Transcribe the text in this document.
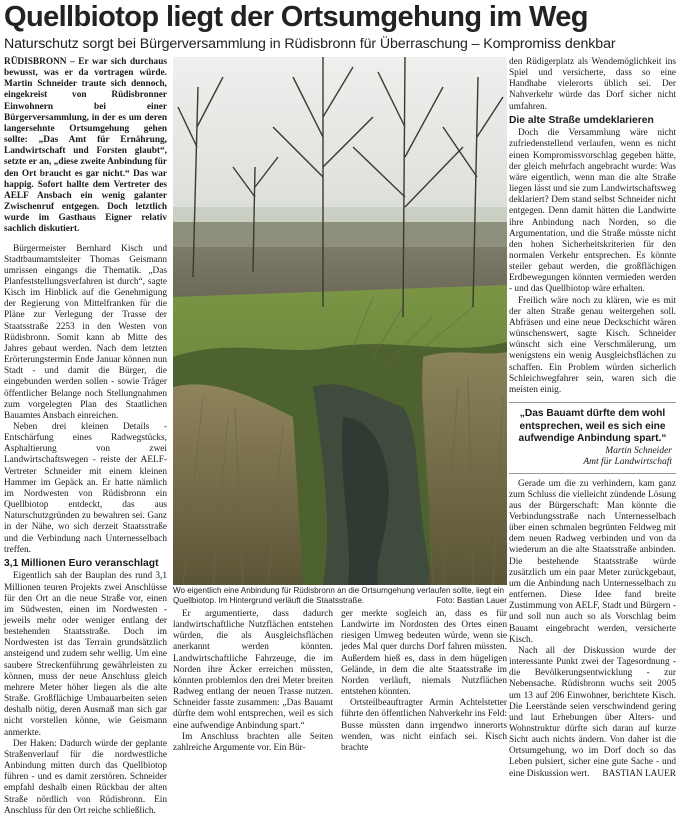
Quellbiotop liegt der Ortsumgehung im Weg
Naturschutz sorgt bei Bürgerversammlung in Rüdisbronn für Überraschung – Kompromiss denkbar

RÜDISBRONN – Er war sich durchaus bewusst, was er da vortragen würde. Martin Schneider traute sich dennoch, eingekreist von Rüdisbronner Einwohnern bei einer Bürgerversammlung, in der es um deren langersehnte Ortsumgehung gehen sollte: „Das Amt für Ernährung, Landwirtschaft und Forsten glaubt“, setzte er an, „diese zweite Anbindung für den Ort braucht es gar nicht.“ Das war happig. Sofort hallte dem Vertreter des AELF Ansbach ein wenig galanter Zwischenruf entgegen. Doch letztlich wurde im Gasthaus Eigner relativ sachlich diskutiert.

Bürgermeister Bernhard Kisch und Stadtbaumamtsleiter Thomas Geismann umrissen eingangs die Thematik. „Das Planfeststellungsverfahren ist durch“, sagte Kisch im Hinblick auf die Genehmigung der Regierung von Mittelfranken für die Pläne zur Verlegung der Trasse der Staatsstraße 2253 in den Westen von Rüdisbronn. Somit kann ab Mitte des Jahres gebaut werden. Nach dem letzten Erörterungstermin Ende Januar können nun Stadt - und damit die Bürger, die eingebunden werden sollen - sowie Träger öffentlicher Belange noch Stellungnahmen zum vorgelegten Plan des Staatlichen Bauamtes Ansbach einreichen.

Neben drei kleinen Details - Entschärfung eines Radwegstücks, Asphaltierung von zwei Landwirtschaftswegen - reiste der AELF-Vertreter Schneider mit einem kleinen Hammer im Gepäck an. Er hatte nämlich im Nordwesten von Rüdisbronn ein Quellbiotop entdeckt, das aus Naturschutzgründen zu bewahren sei. Ganz in der Nähe, wo sich derzeit Staatsstraße und die Verbindung nach Unternesselbach treffen.

3,1 Millionen Euro veranschlagt

Eigentlich sah der Bauplan des rund 3,1 Millionen teuren Projekts zwei Anschlüsse für den Ort an die neue Straße vor, einen im Südwesten, einen im Nordwesten - jeweils mehr oder weniger entlang der bestehenden Staatsstraße. Doch im Nordwesten ist das Terrain grundsätzlich ansteigend und zudem sehr wellig. Um eine saubere Streckenführung gewährleisten zu können, muss der neue Anschluss gleich mehrere Meter höher liegen als die alte Straße. Großflächige Umbauarbeiten seien deshalb nötig, deren Ausmaß man sich gar nicht vorstellen könne, wie Geismann anmerkte.

Der Haken: Dadurch würde der geplante Straßenverlauf für die nordwestliche Anbindung mitten durch das Quellbiotop führen - und es damit zerstören. Schneider empfahl deshalb einen Rückbau der alten Straße nördlich von Rüdisbronn. Ein Anschluss für den Ort reiche schließlich.

Wo eigentlich eine Anbindung für Rüdisbronn an die Ortsumgehung verlaufen sollte, liegt ein Quellbiotop. Im Hintergrund verläuft die Staatsstraße.	Foto: Bastian Lauer

Er argumentierte, dass dadurch landwirtschaftliche Nutzflächen entstehen würden, die als Ausgleichsflächen anerkannt werden könnten. Landwirtschaftliche Fahrzeuge, die im Norden ihre Äcker erreichen müssten, könnten problemlos den drei Meter breiten Radweg entlang der neuen Trasse nutzen. Schneider fasste zusammen: „Das Bauamt dürfte dem wohl entsprechen, weil es sich eine aufwendige Anbindung spart.“

Im Anschluss brachten alle Seiten zahlreiche Argumente vor. Ein Bür-

ger merkte sogleich an, dass es für Landwirte im Nordosten des Ortes einen riesigen Umweg bedeuten würde, wenn sie jedes Mal quer durchs Dorf fahren müssten. Außerdem hieß es, dass in dem hügeligen Gelände, in dem die alte Staatsstraße im Norden verläuft, niemals Nutzflächen entstehen könnten.

Ortsteilbeauftragter Armin Achtelstetter führte den öffentlichen Nahverkehr ins Feld: Busse müssten dann irrgendwo innerorts wenden, was nicht einfach sei. Kisch brachte

den Rüdigerplatz als Wendemöglichkeit ins Spiel und versicherte, dass so eine Handhabe vielerorts üblich sei. Der Nahverkehr würde das Dorf sicher nicht umfahren.

Die alte Straße umdeklarieren

Doch die Versammlung wäre nicht zufriedenstellend verlaufen, wenn es nicht einen Kompromissvorschlag gegeben hätte, der gleich mehrfach angebracht wurde: Was wäre eigentlich, wenn man die alte Straße liegen lässt und sie zum Landwirtschaftsweg deklariert? Dem stand selbst Schneider nicht entgegen. Denn damit hätten die Landwirte ihre Anbindung nach Norden, so die Argumentation, und die Straße müsste nicht den hohen Sicherheitskriterien für den normalen Verkehr entsprechen. Es könnte steiler gebaut werden, die großflächigen Erdbewegungen könnten vermieden werden - und das Quellbiotop wäre erhalten.

Freilich wäre noch zu klären, wie es mit der alten Straße genau weitergehen soll. Abfräsen und eine neue Deckschicht wären wünschenswert, sagte Kisch. Schneider wünscht sich eine Verschmälerung, um wenigstens ein wenig Ausgleichsflächen zu schaffen. Ein Problem würden sicherlich Schleichwegfahrer sein, waren sich die meisten einig.

„Das Bauamt dürfte dem wohl entsprechen, weil es sich eine aufwendige Anbindung spart.“
Martin Schneider
Amt für Landwirtschaft

Gerade um die zu verhindern, kam ganz zum Schluss die vielleicht zündende Lösung aus der Bürgerschaft: Man könnte die Verbindungsstraße nach Unternesselbach über einen schmalen begrünten Feldweg mit dem neuen Radweg verbinden und von da wiederum an die alte Staatsstraße anbinden. Die bestehende Staatsstraße würde zusätzlich um ein paar Meter zurückgebaut, um die Anbindung nach Unternesselbach zu entfernen. Diese Idee fand breite Zustimmung von AELF, Stadt und Bürgern - und soll nun auch so als Vorschlag beim Bauamt eingebracht werden, versicherte Kisch.

Nach all der Diskussion wurde der interessante Punkt zwei der Tagesordnung - die Bevölkerungsentwicklung - zur Nebensache. Rüdisbronn wuchs seit 2005 um 13 auf 206 Einwohner, berichtete Kisch. Die Leerstände seien verschwindend gering und laut Erhebungen über Alters- und Wohnstruktur dürfte sich daran auf kurze Sicht auch nichts ändern. Von daher ist die Ortsumgehung, wo im Dorf doch so das Leben pulsiert, sicher eine gute Sache - und eine Diskussion wert.	BASTIAN LAUER
